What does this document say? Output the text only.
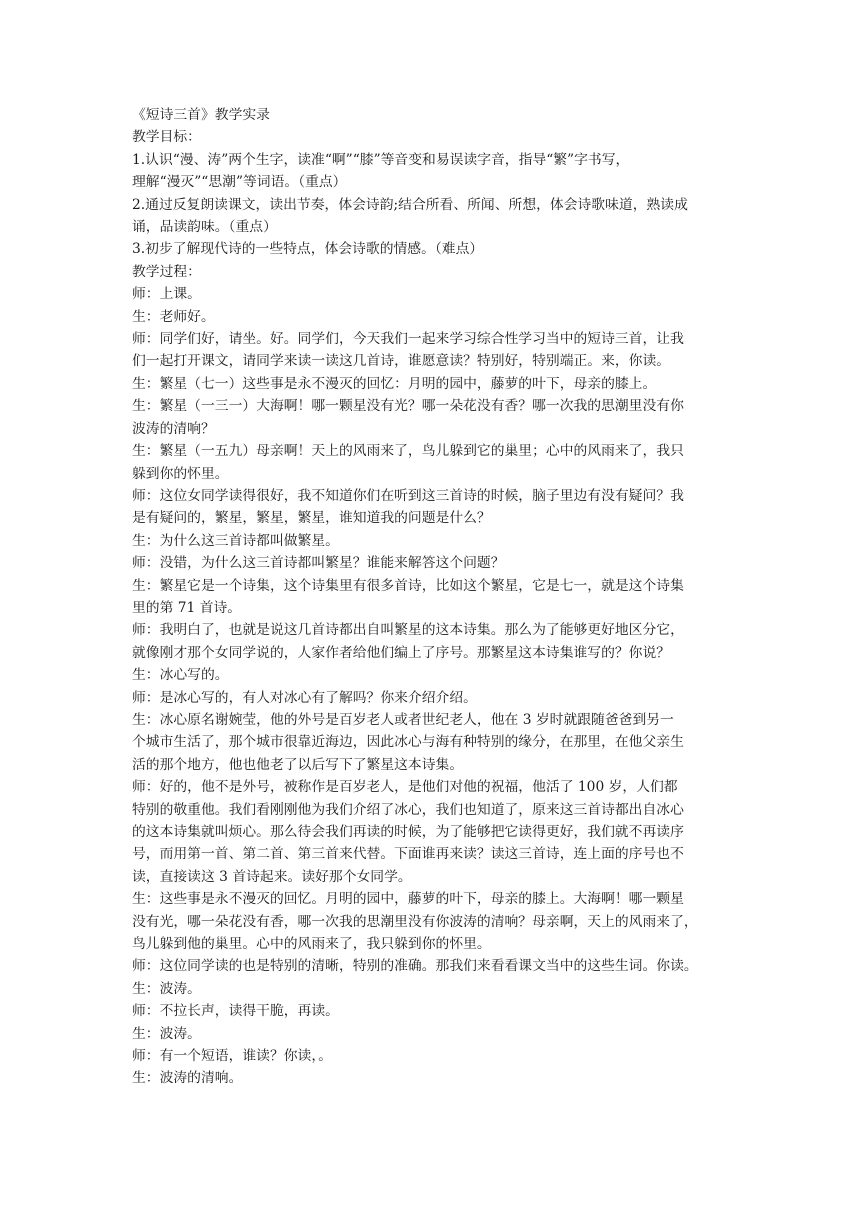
《短诗三首》教学实录
教学目标：
1.认识“漫、涛”两个生字，读准“啊”“膝”等音变和易误读字音，指导“繁”字书写，
理解“漫灭”“思潮”等词语。（重点）
2.通过反复朗读课文，读出节奏，体会诗韵;结合所看、所闻、所想，体会诗歌味道，熟读成
诵，品读韵味。（重点）
3.初步了解现代诗的一些特点，体会诗歌的情感。（难点）
教学过程：
师：上课。
生：老师好。
师：同学们好，请坐。好。同学们，今天我们一起来学习综合性学习当中的短诗三首，让我
们一起打开课文，请同学来读一读这几首诗，谁愿意读？特别好，特别端正。来，你读。
生：繁星（七一）这些事是永不漫灭的回忆：月明的园中，藤萝的叶下，母亲的膝上。
生：繁星（一三一）大海啊！哪一颗星没有光？哪一朵花没有香？哪一次我的思潮里没有你
波涛的清响？
生：繁星（一五九）母亲啊！天上的风雨来了，鸟儿躲到它的巢里；心中的风雨来了，我只
躲到你的怀里。
师：这位女同学读得很好，我不知道你们在听到这三首诗的时候，脑子里边有没有疑问？我
是有疑问的，繁星，繁星，繁星，谁知道我的问题是什么？
生：为什么这三首诗都叫做繁星。
师：没错，为什么这三首诗都叫繁星？谁能来解答这个问题？
生：繁星它是一个诗集，这个诗集里有很多首诗，比如这个繁星，它是七一，就是这个诗集
里的第 71 首诗。
师：我明白了，也就是说这几首诗都出自叫繁星的这本诗集。那么为了能够更好地区分它，
就像刚才那个女同学说的，人家作者给他们编上了序号。那繁星这本诗集谁写的？你说？
生：冰心写的。
师：是冰心写的，有人对冰心有了解吗？你来介绍介绍。
生：冰心原名谢婉莹，他的外号是百岁老人或者世纪老人，他在 3 岁时就跟随爸爸到另一
个城市生活了，那个城市很靠近海边，因此冰心与海有种特别的缘分，在那里，在他父亲生
活的那个地方，他也他老了以后写下了繁星这本诗集。
师：好的，他不是外号，被称作是百岁老人，是他们对他的祝福，他活了 100 岁，人们都
特别的敬重他。我们看刚刚他为我们介绍了冰心，我们也知道了，原来这三首诗都出自冰心
的这本诗集就叫烦心。那么待会我们再读的时候，为了能够把它读得更好，我们就不再读序
号，而用第一首、第二首、第三首来代替。下面谁再来读？读这三首诗，连上面的序号也不
读，直接读这 3 首诗起来。读好那个女同学。
生：这些事是永不漫灭的回忆。月明的园中，藤萝的叶下，母亲的膝上。大海啊！哪一颗星
没有光，哪一朵花没有香，哪一次我的思潮里没有你波涛的清响？母亲啊，天上的风雨来了，
鸟儿躲到他的巢里。心中的风雨来了，我只躲到你的怀里。
师：这位同学读的也是特别的清晰，特别的准确。那我们来看看课文当中的这些生词。你读。
生：波涛。
师：不拉长声，读得干脆，再读。
生：波涛。
师：有一个短语，谁读？你读，。
生：波涛的清响。
